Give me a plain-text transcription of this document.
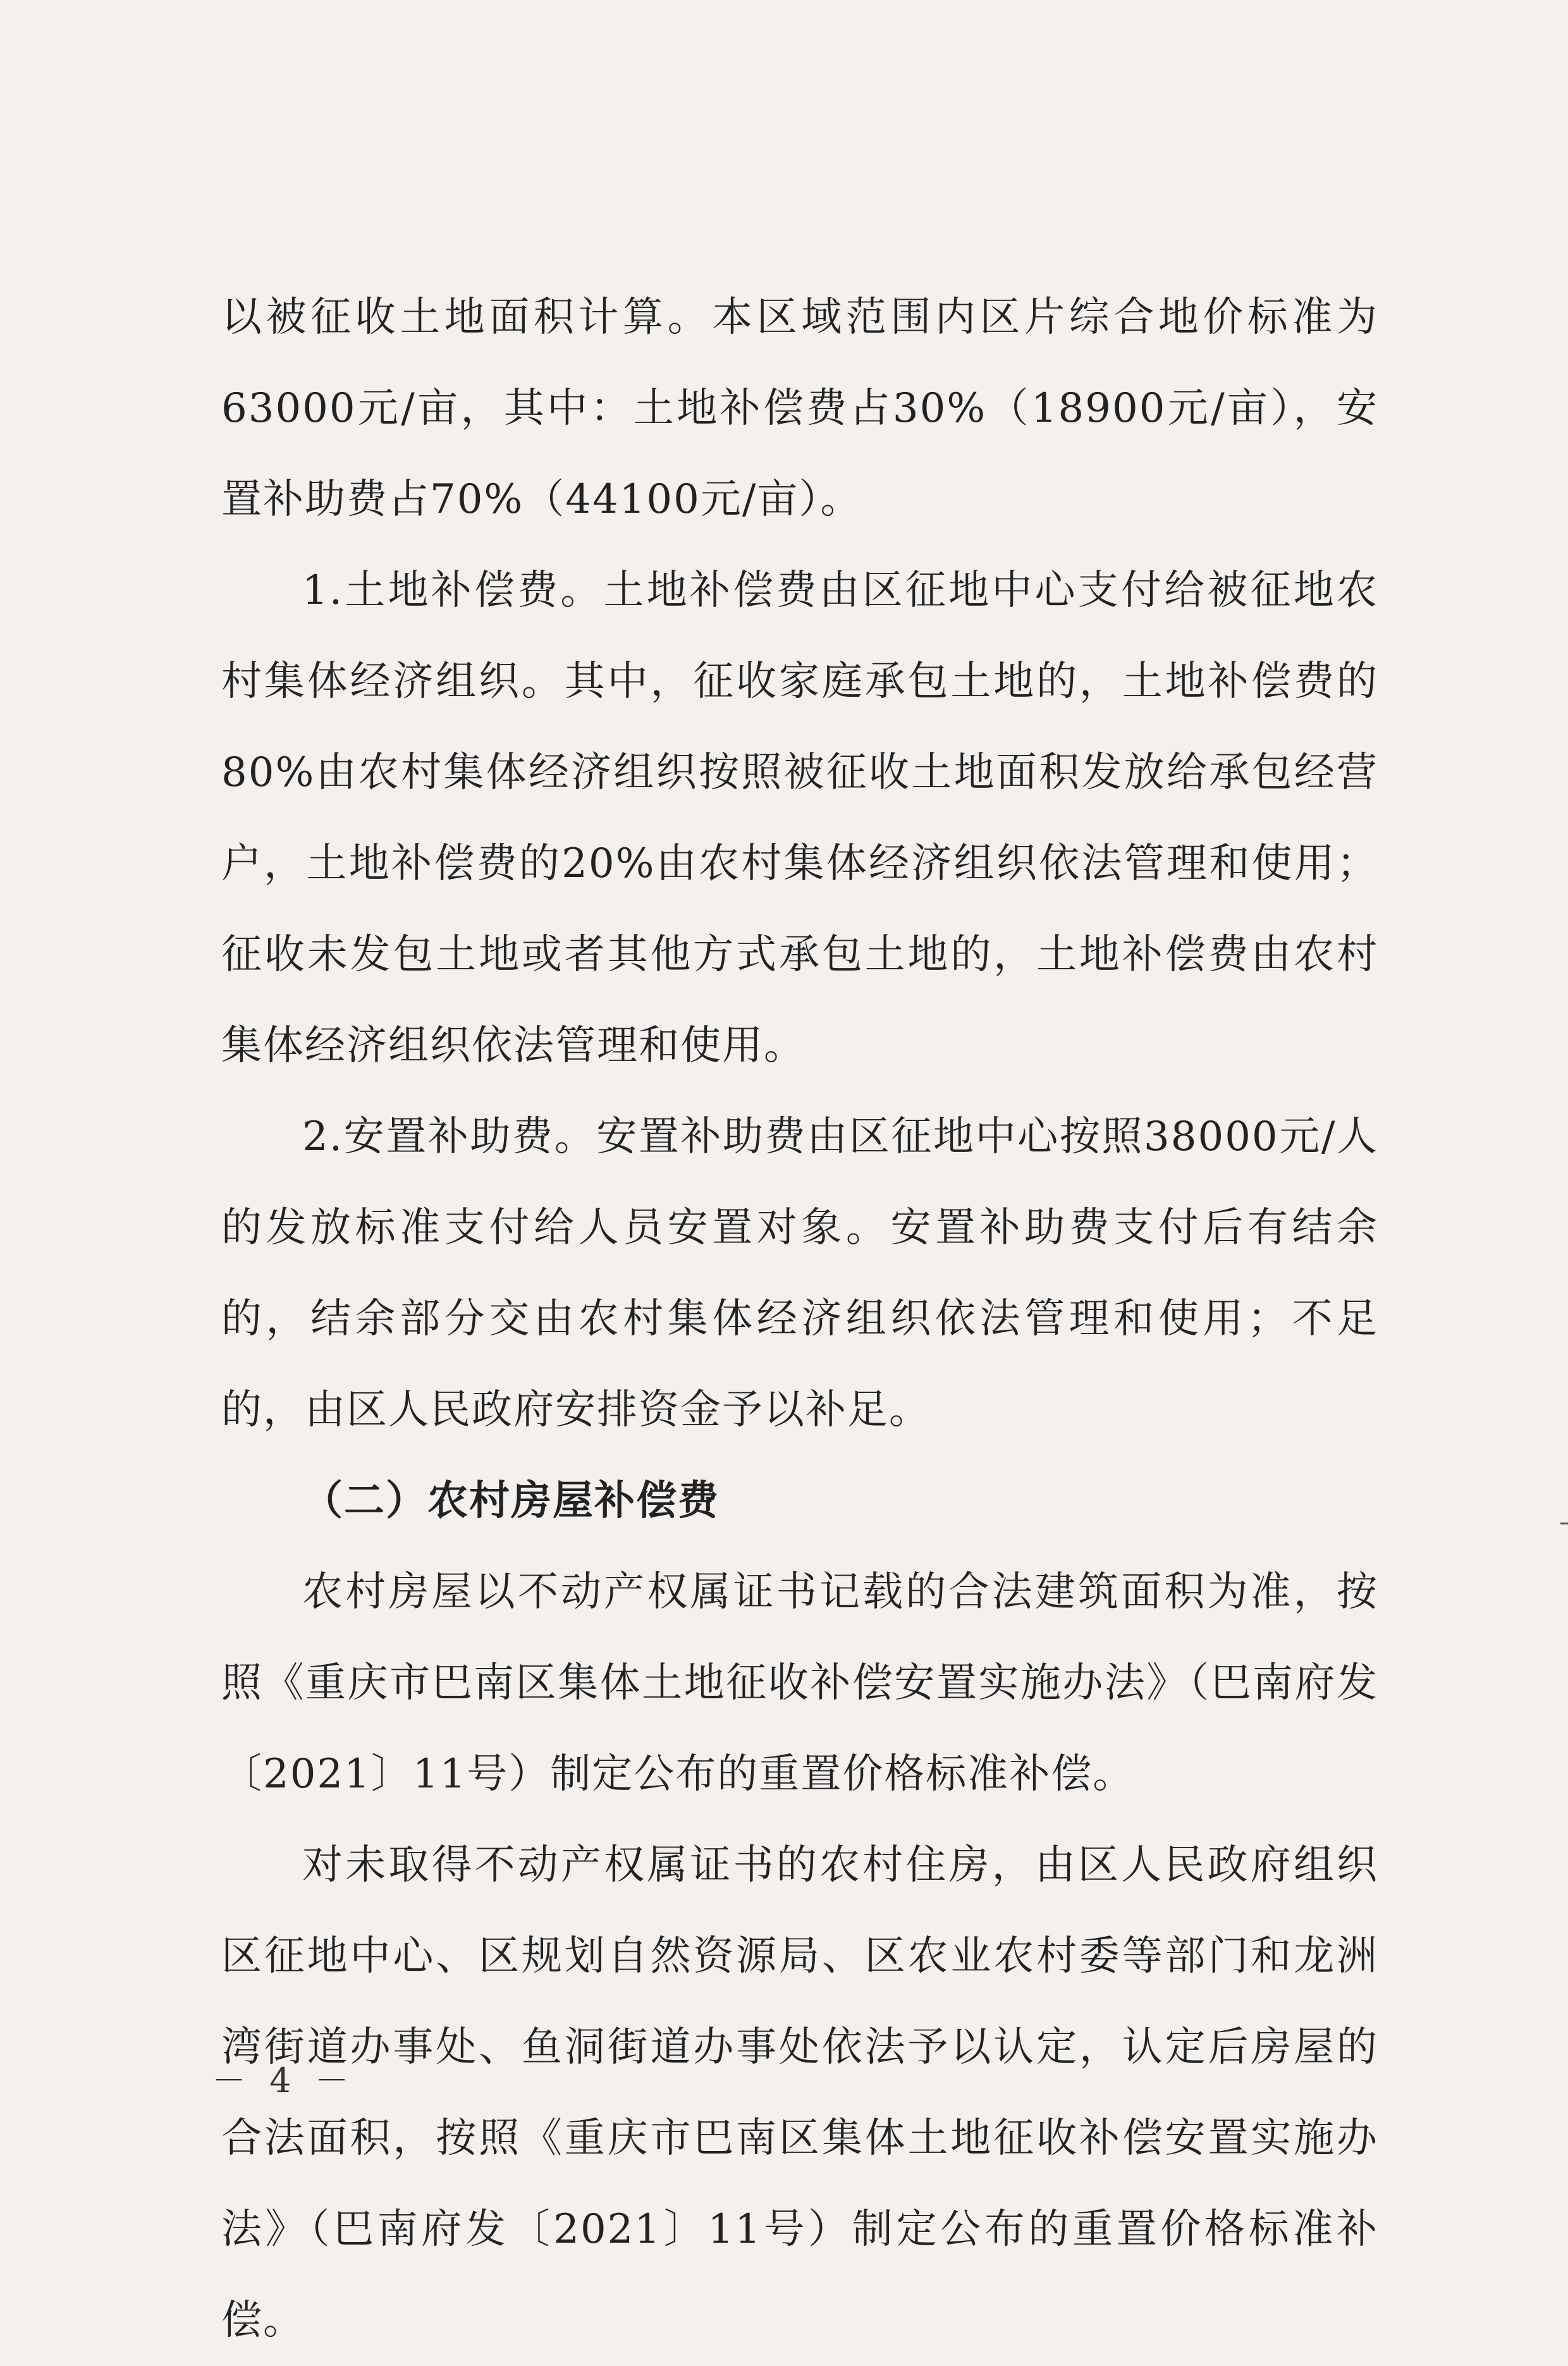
以被征收土地面积计算。本区域范围内区片综合地价标准为63000元/亩，其中：土地补偿费占30%（18900元/亩），安置补助费占70%（44100元/亩）。

1.土地补偿费。土地补偿费由区征地中心支付给被征地农村集体经济组织。其中，征收家庭承包土地的，土地补偿费的80%由农村集体经济组织按照被征收土地面积发放给承包经营户，土地补偿费的20%由农村集体经济组织依法管理和使用；征收未发包土地或者其他方式承包土地的，土地补偿费由农村集体经济组织依法管理和使用。

2.安置补助费。安置补助费由区征地中心按照38000元/人的发放标准支付给人员安置对象。安置补助费支付后有结余的，结余部分交由农村集体经济组织依法管理和使用；不足的，由区人民政府安排资金予以补足。

（二）农村房屋补偿费

农村房屋以不动产权属证书记载的合法建筑面积为准，按照《重庆市巴南区集体土地征收补偿安置实施办法》（巴南府发〔2021〕11号）制定公布的重置价格标准补偿。

对未取得不动产权属证书的农村住房，由区人民政府组织区征地中心、区规划自然资源局、区农业农村委等部门和龙洲湾街道办事处、鱼洞街道办事处依法予以认定，认定后房屋的合法面积，按照《重庆市巴南区集体土地征收补偿安置实施办法》（巴南府发〔2021〕11号）制定公布的重置价格标准补偿。

－ 4 －
